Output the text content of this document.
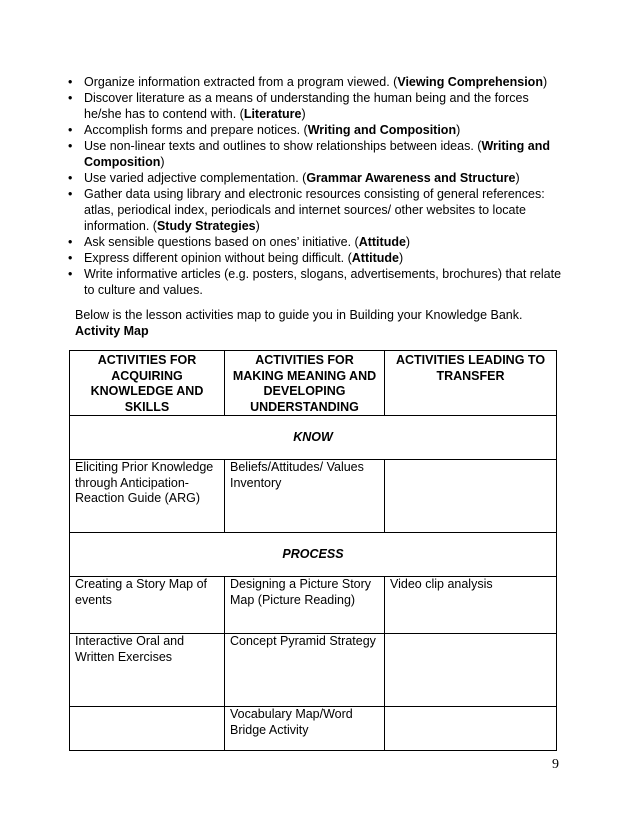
• Organize information extracted from a program viewed. (Viewing Comprehension)
• Discover literature as a means of understanding the human being and the forces he/she has to contend with. (Literature)
• Accomplish forms and prepare notices. (Writing and Composition)
• Use non-linear texts and outlines to show relationships between ideas. (Writing and Composition)
• Use varied adjective complementation. (Grammar Awareness and Structure)
• Gather data using library and electronic resources consisting of general references: atlas, periodical index, periodicals and internet sources/ other websites to locate information. (Study Strategies)
• Ask sensible questions based on ones’ initiative. (Attitude)
• Express different opinion without being difficult. (Attitude)
• Write informative articles (e.g. posters, slogans, advertisements, brochures) that relate to culture and values.
Below is the lesson activities map to guide you in Building your Knowledge Bank.
Activity Map
ACTIVITIES FOR ACQUIRING KNOWLEDGE AND SKILLS	ACTIVITIES FOR MAKING MEANING AND DEVELOPING UNDERSTANDING	ACTIVITIES LEADING TO TRANSFER
KNOW		
Eliciting Prior Knowledge through Anticipation-Reaction Guide (ARG)	Beliefs/Attitudes/ Values Inventory	
PROCESS		
Creating a Story Map of events	Designing a Picture Story Map (Picture Reading)	Video clip analysis
Interactive Oral and Written Exercises	Concept Pyramid Strategy	
	Vocabulary Map/Word Bridge Activity	
9
